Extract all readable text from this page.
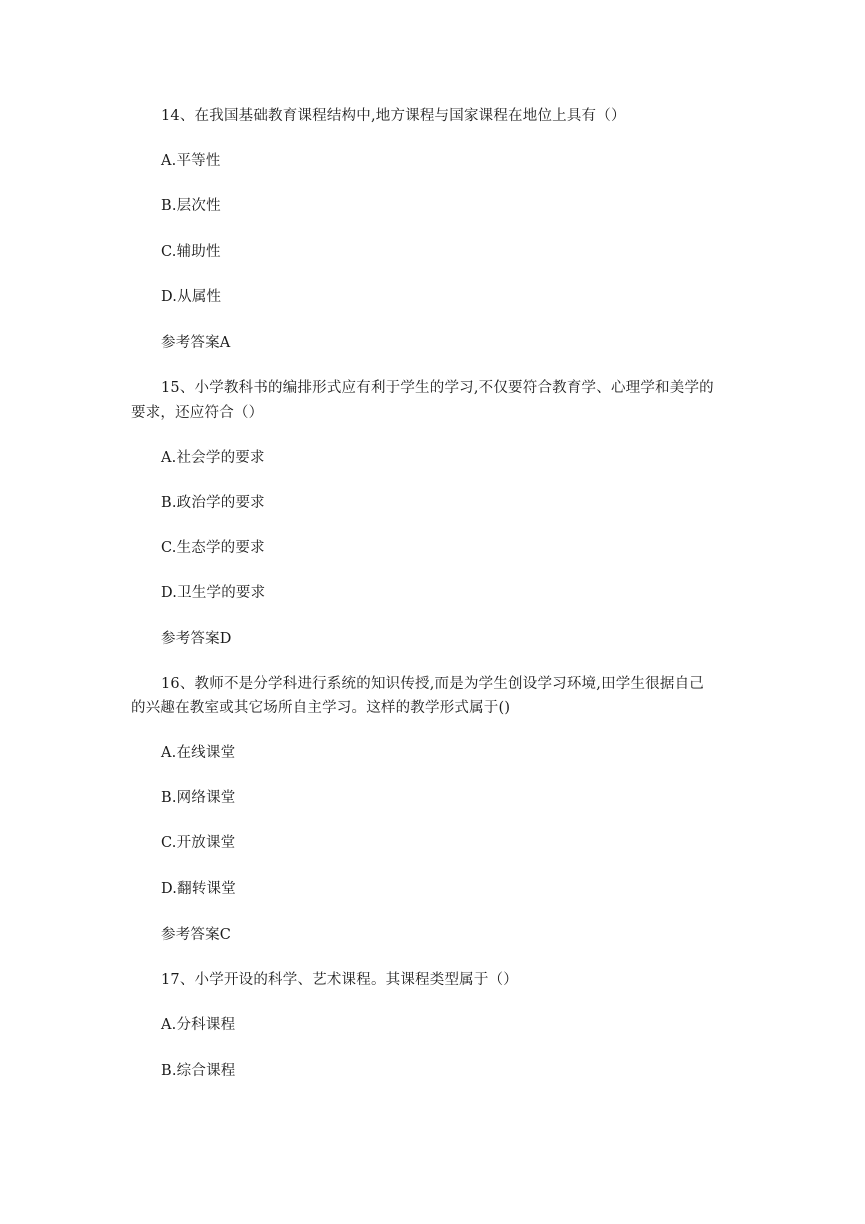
14、在我国基础教育课程结构中,地方课程与国家课程在地位上具有（）
A.平等性
B.层次性
C.辅助性
D.从属性
参考答案A
15、小学教科书的编排形式应有利于学生的学习,不仅要符合教育学、心理学和美学的
要求，还应符合（）
A.社会学的要求
B.政治学的要求
C.生态学的要求
D.卫生学的要求
参考答案D
16、教师不是分学科进行系统的知识传授,而是为学生创设学习环境,田学生很据自己
的兴趣在教室或其它场所自主学习。这样的教学形式属于()
A.在线课堂
B.网络课堂
C.开放课堂
D.翻转课堂
参考答案C
17、小学开设的科学、艺术课程。其课程类型属于（）
A.分科课程
B.综合课程
